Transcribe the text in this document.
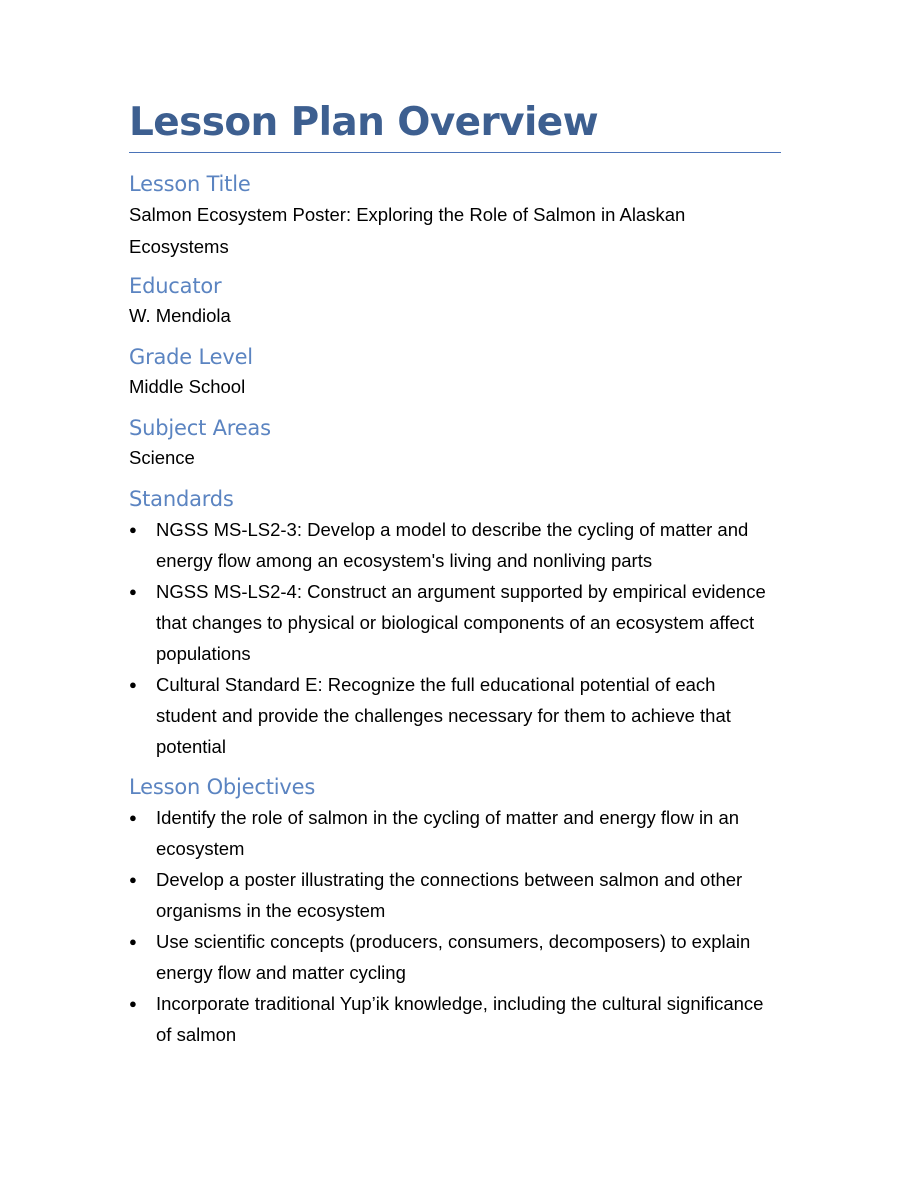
Lesson Plan Overview
Lesson Title

Salmon Ecosystem Poster: Exploring the Role of Salmon in Alaskan Ecosystems

Educator

W. Mendiola

Grade Level

Middle School

Subject Areas

Science

Standards
● NGSS MS-LS2-3: Develop a model to describe the cycling of matter and energy flow among an ecosystem's living and nonliving parts
● NGSS MS-LS2-4: Construct an argument supported by empirical evidence that changes to physical or biological components of an ecosystem affect populations
● Cultural Standard E: Recognize the full educational potential of each student and provide the challenges necessary for them to achieve that potential
Lesson Objectives
● Identify the role of salmon in the cycling of matter and energy flow in an ecosystem
● Develop a poster illustrating the connections between salmon and other organisms in the ecosystem
● Use scientific concepts (producers, consumers, decomposers) to explain energy flow and matter cycling
● Incorporate traditional Yup’ik knowledge, including the cultural significance of salmon
